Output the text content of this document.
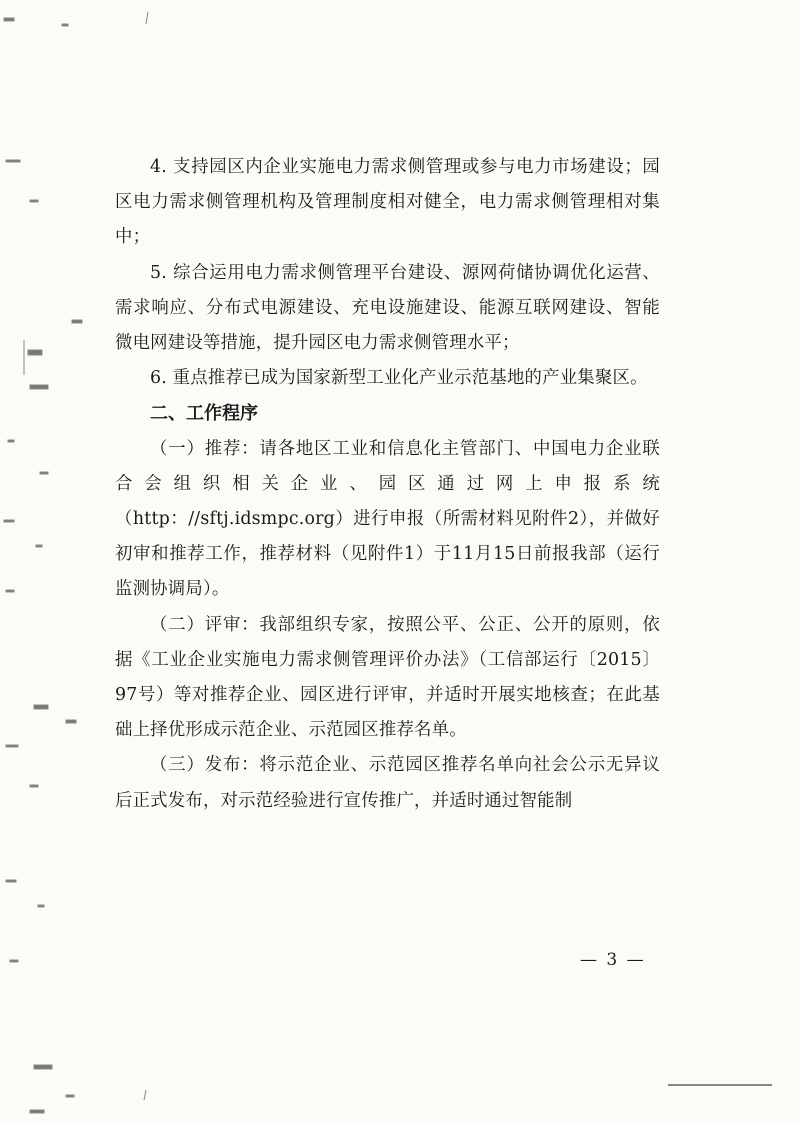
4. 支持园区内企业实施电力需求侧管理或参与电力市场建设；园区电力需求侧管理机构及管理制度相对健全，电力需求侧管理相对集中；

5. 综合运用电力需求侧管理平台建设、源网荷储协调优化运营、需求响应、分布式电源建设、充电设施建设、能源互联网建设、智能微电网建设等措施，提升园区电力需求侧管理水平；

6. 重点推荐已成为国家新型工业化产业示范基地的产业集聚区。

二、工作程序

（一）推荐：请各地区工业和信息化主管部门、中国电力企业联合会组织相关企业、园区通过网上申报系统（http：//sftj.idsmpc.org）进行申报（所需材料见附件2），并做好初审和推荐工作，推荐材料（见附件1）于11月15日前报我部（运行监测协调局）。

（二）评审：我部组织专家，按照公平、公正、公开的原则，依据《工业企业实施电力需求侧管理评价办法》（工信部运行〔2015〕97号）等对推荐企业、园区进行评审，并适时开展实地核查；在此基础上择优形成示范企业、示范园区推荐名单。

（三）发布：将示范企业、示范园区推荐名单向社会公示无异议后正式发布，对示范经验进行宣传推广，并适时通过智能制

— 3 —
